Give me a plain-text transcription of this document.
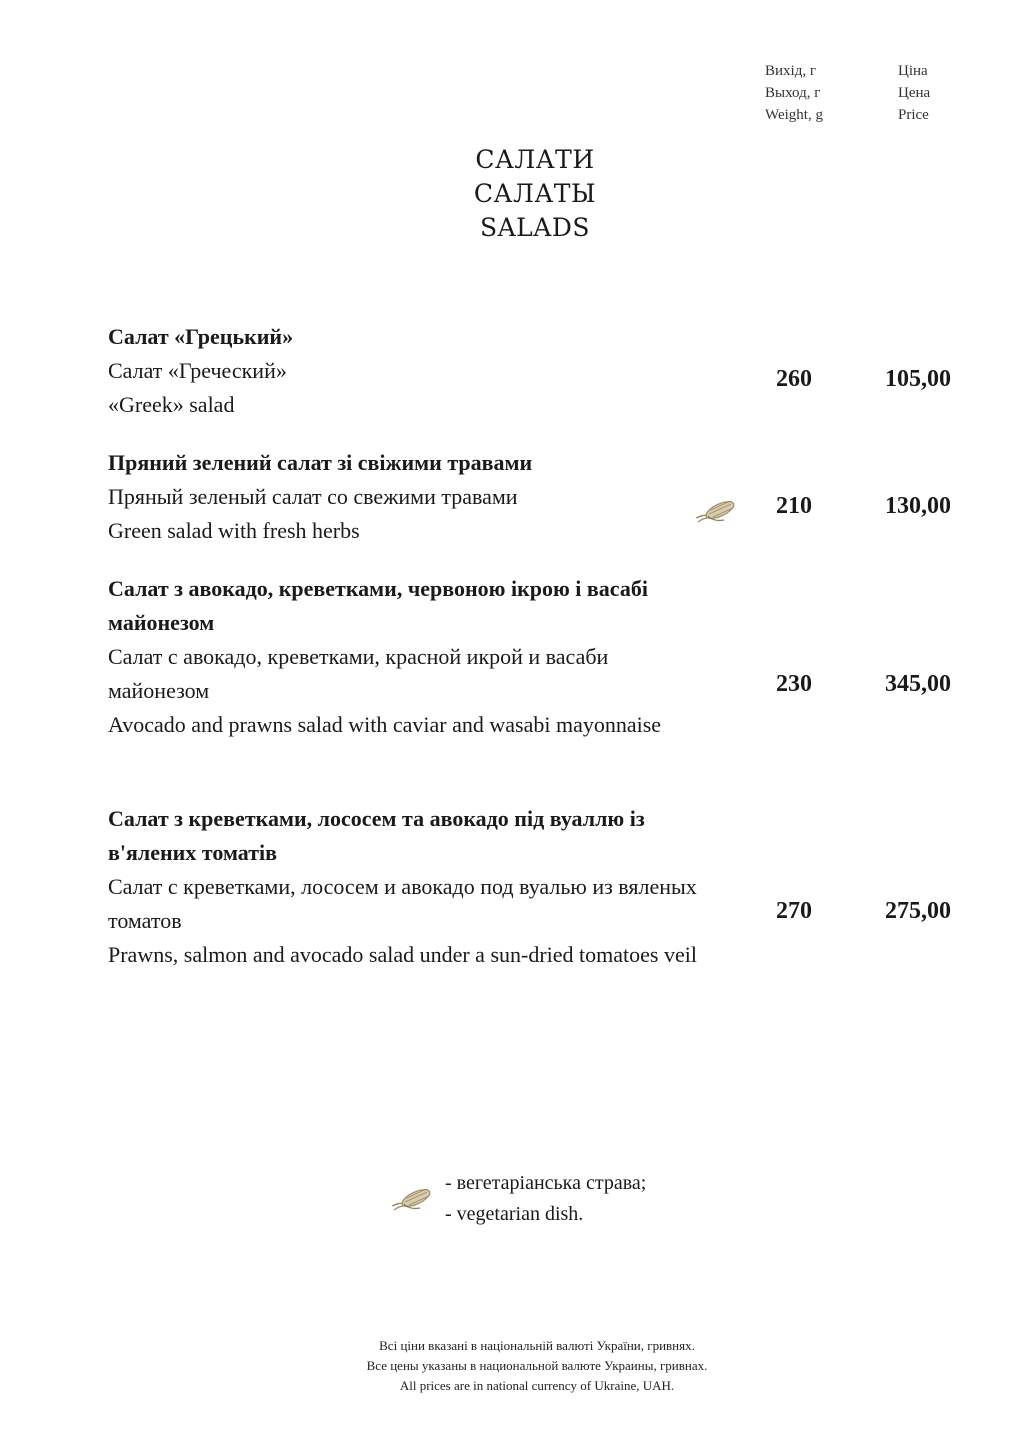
Вихід, г
Выход, г
Weight, g
Ціна
Цена
Price
САЛАТИ
САЛАТЫ
SALADS
Салат «Грецький»
Салат «Греческий»
«Greek» salad
260	105,00
Пряний зелений салат зі свіжими травами
Пряный зеленый салат со свежими травами
Green salad with fresh herbs
210	130,00
Салат з авокадо, креветками, червоною ікрою і васабі майонезом
Салат с авокадо, креветками, красной икрой и васаби майонезом
Avocado and prawns salad with caviar and wasabi mayonnaise
230	345,00
Салат з креветками, лососем та авокадо під вуаллю із в'ялених томатів
Салат с креветками, лососем и авокадо под вуалью из вяленых томатов
Prawns, salmon and avocado salad under a sun-dried tomatoes veil
270	275,00
- вегетаріанська страва;
- vegetarian dish.
Всі ціни вказані в національній валюті України, гривнях.
Все цены указаны в национальной валюте Украины, гривнах.
All prices are in national currency of Ukraine, UAH.
